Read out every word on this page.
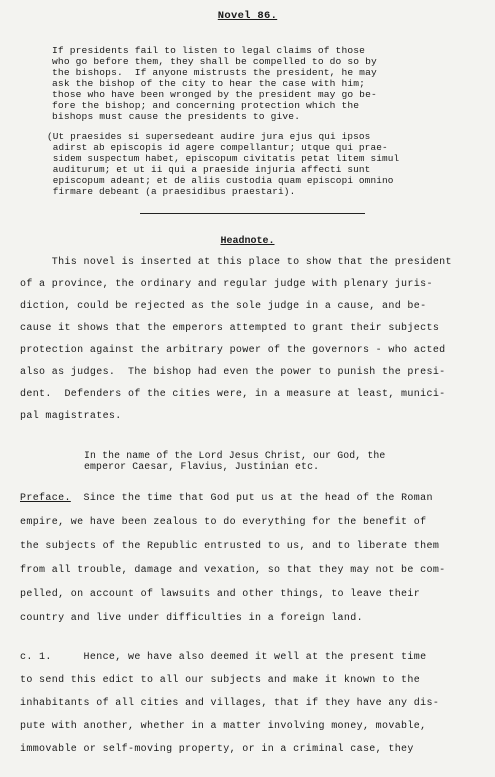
Novel 86.
If presidents fail to listen to legal claims of those
who go before them, they shall be compelled to do so by
the bishops.  If anyone mistrusts the president, he may
ask the bishop of the city to hear the case with him;
those who have been wronged by the president may go be-
fore the bishop; and concerning protection which the
bishops must cause the presidents to give.
(Ut praesides si supersedeant audire jura ejus qui ipsos
adirst ab episcopis id agere compellantur; utque qui prae-
sidem suspectum habet, episcopum civitatis petat litem simul
auditurum; et ut ii qui a praeside injuria affecti sunt
episcopum adeant; et de aliis custodia quam episcopi omnino
firmare debeant (a praesidibus praestari).
Headnote.
This novel is inserted at this place to show that the president
of a province, the ordinary and regular judge with plenary juris-
diction, could be rejected as the sole judge in a cause, and be-
cause it shows that the emperors attempted to grant their subjects
protection against the arbitrary power of the governors - who acted
also as judges.  The bishop had even the power to punish the presi-
dent.  Defenders of the cities were, in a measure at least, munici-
pal magistrates.
In the name of the Lord Jesus Christ, our God, the
emperor Caesar, Flavius, Justinian etc.
Preface.  Since the time that God put us at the head of the Roman
empire, we have been zealous to do everything for the benefit of
the subjects of the Republic entrusted to us, and to liberate them
from all trouble, damage and vexation, so that they may not be com-
pelled, on account of lawsuits and other things, to leave their
country and live under difficulties in a foreign land.
c. 1.     Hence, we have also deemed it well at the present time
to send this edict to all our subjects and make it known to the
inhabitants of all cities and villages, that if they have any dis-
pute with another, whether in a matter involving money, movable,
immovable or self-moving property, or in a criminal case, they
